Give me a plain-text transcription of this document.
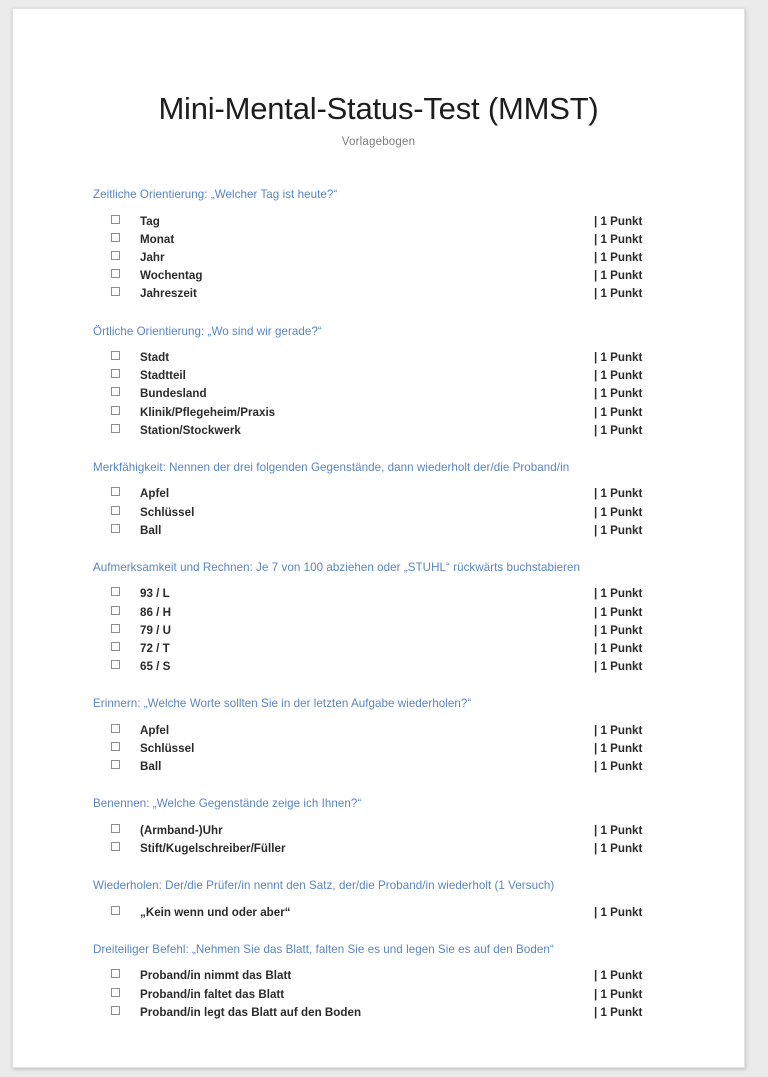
Mini-Mental-Status-Test (MMST)
Vorlagebogen
Zeitliche Orientierung: „Welcher Tag ist heute?“
Tag	| 1 Punkt
Monat	| 1 Punkt
Jahr	| 1 Punkt
Wochentag	| 1 Punkt
Jahreszeit	| 1 Punkt
Örtliche Orientierung: „Wo sind wir gerade?“
Stadt	| 1 Punkt
Stadtteil	| 1 Punkt
Bundesland	| 1 Punkt
Klinik/Pflegeheim/Praxis	| 1 Punkt
Station/Stockwerk	| 1 Punkt
Merkfähigkeit: Nennen der drei folgenden Gegenstände, dann wiederholt der/die Proband/in
Apfel	| 1 Punkt
Schlüssel	| 1 Punkt
Ball	| 1 Punkt
Aufmerksamkeit und Rechnen: Je 7 von 100 abziehen oder „STUHL“ rückwärts buchstabieren
93 / L	| 1 Punkt
86 / H	| 1 Punkt
79 / U	| 1 Punkt
72 / T	| 1 Punkt
65 / S	| 1 Punkt
Erinnern: „Welche Worte sollten Sie in der letzten Aufgabe wiederholen?“
Apfel	| 1 Punkt
Schlüssel	| 1 Punkt
Ball	| 1 Punkt
Benennen: „Welche Gegenstände zeige ich Ihnen?“
(Armband-)Uhr	| 1 Punkt
Stift/Kugelschreiber/Füller	| 1 Punkt
Wiederholen: Der/die Prüfer/in nennt den Satz, der/die Proband/in wiederholt (1 Versuch)
„Kein wenn und oder aber“	| 1 Punkt
Dreiteiliger Befehl: „Nehmen Sie das Blatt, falten Sie es und legen Sie es auf den Boden“
Proband/in nimmt das Blatt	| 1 Punkt
Proband/in faltet das Blatt	| 1 Punkt
Proband/in legt das Blatt auf den Boden	| 1 Punkt
